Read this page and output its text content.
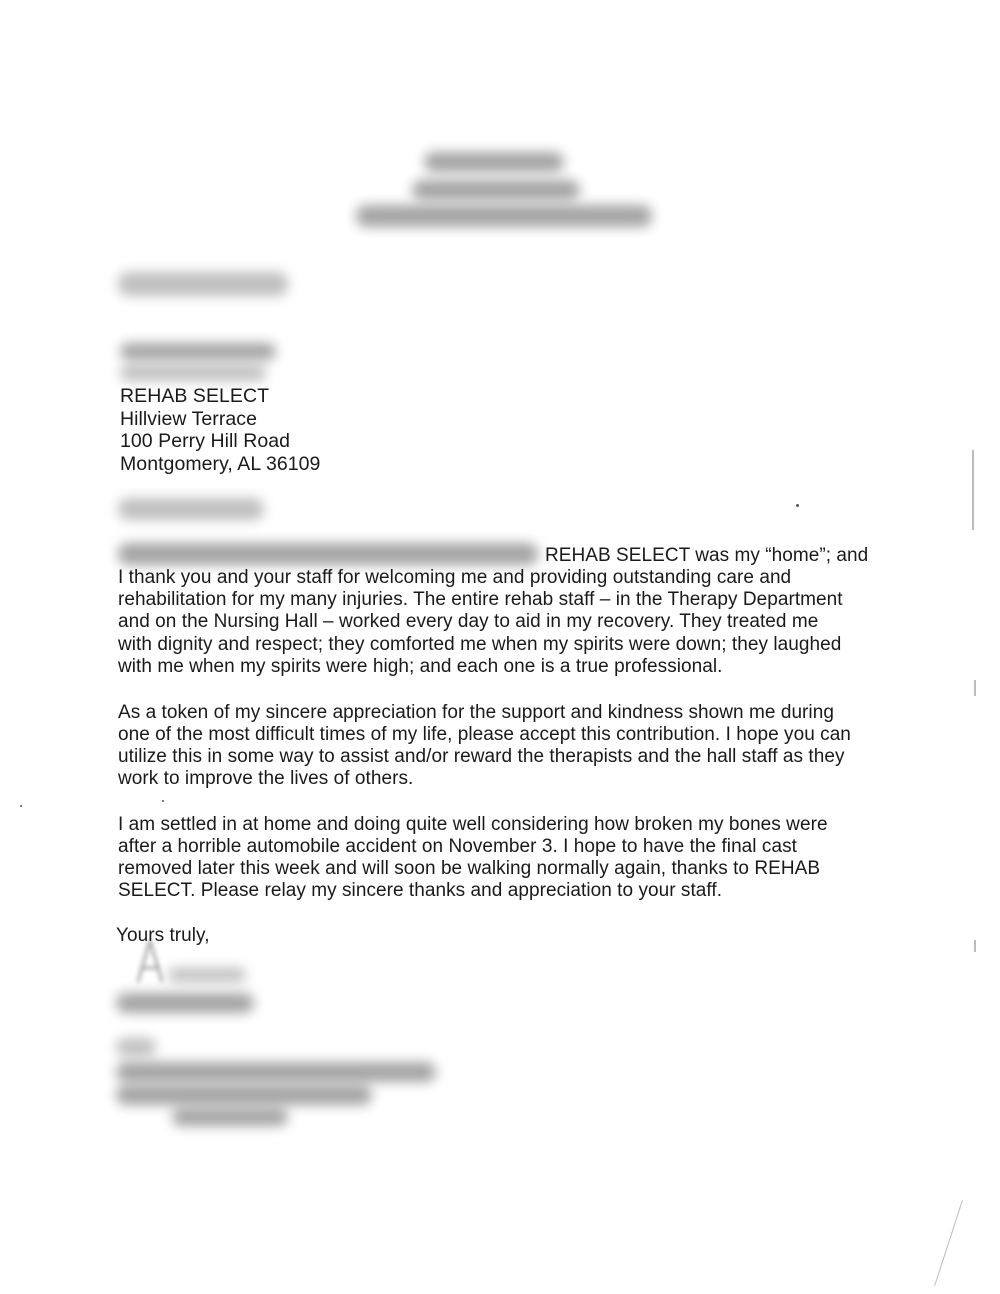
REHAB SELECT
Hillview Terrace
100 Perry Hill Road
Montgomery, AL 36109
REHAB SELECT was my “home”; and
I thank you and your staff for welcoming me and providing outstanding care and
rehabilitation for my many injuries. The entire rehab staff – in the Therapy Department
and on the Nursing Hall – worked every day to aid in my recovery. They treated me
with dignity and respect; they comforted me when my spirits were down; they laughed
with me when my spirits were high; and each one is a true professional.
As a token of my sincere appreciation for the support and kindness shown me during
one of the most difficult times of my life, please accept this contribution. I hope you can
utilize this in some way to assist and/or reward the therapists and the hall staff as they
work to improve the lives of others.
I am settled in at home and doing quite well considering how broken my bones were
after a horrible automobile accident on November 3. I hope to have the final cast
removed later this week and will soon be walking normally again, thanks to REHAB
SELECT. Please relay my sincere thanks and appreciation to your staff.
Yours truly,
